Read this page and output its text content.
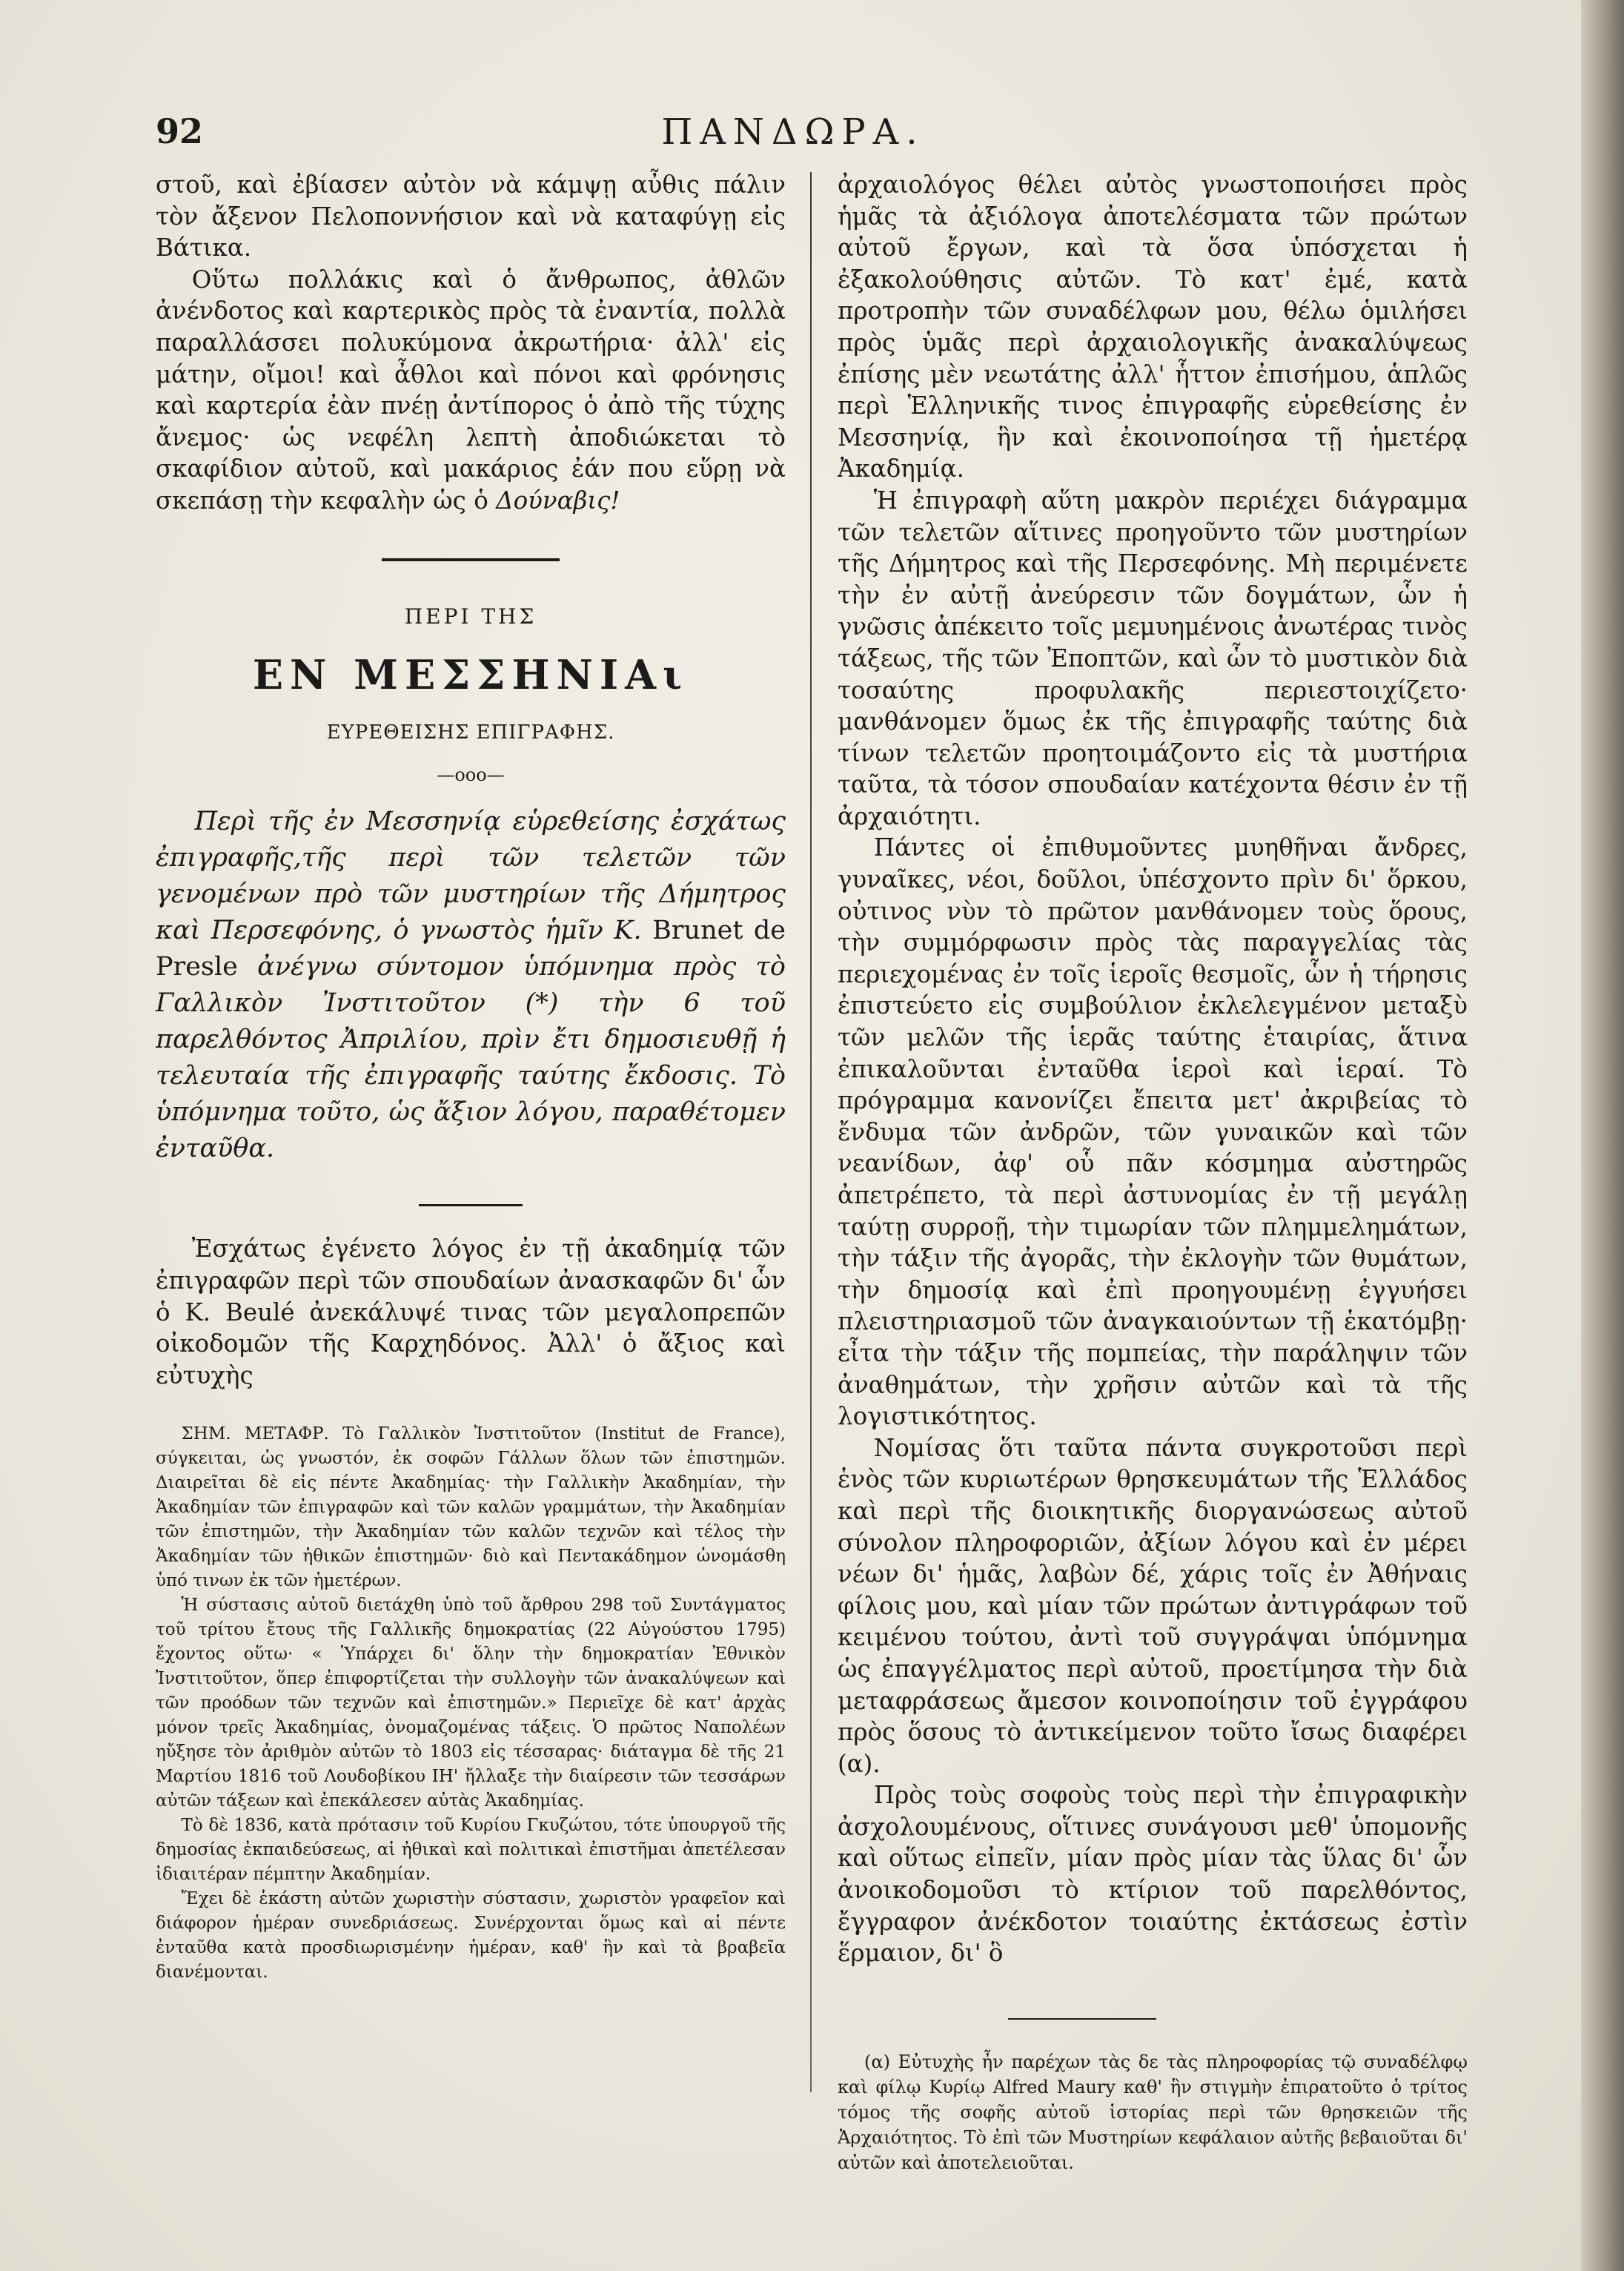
92	ΠΑΝΔΩΡΑ.

στοῦ, καὶ ἐβίασεν αὐτὸν νὰ κάμψῃ αὖθις πάλιν τὸν ἄξενον Πελοποννήσιον καὶ νὰ καταφύγῃ εἰς Βάτικα.

Οὕτω πολλάκις καὶ ὁ ἄνθρωπος, ἀθλῶν ἀνένδοτος καὶ καρτερικὸς πρὸς τὰ ἐναντία, πολλὰ παραλλάσσει πολυκύμονα ἀκρωτήρια· ἀλλ' εἰς μάτην, οἴμοι! καὶ ἆθλοι καὶ πόνοι καὶ φρόνησις καὶ καρτερία ἐὰν πνέῃ ἀντίπορος ὁ ἀπὸ τῆς τύχης ἄνεμος· ὡς νεφέλη λεπτὴ ἀποδιώκεται τὸ σκαφίδιον αὐτοῦ, καὶ μακάριος ἐάν που εὕρῃ νὰ σκεπάσῃ τὴν κεφαλὴν ὡς ὁ Δούναβις!

ΠΕΡΙ ΤΗΣ
ΕΝ ΜΕΣΣΗΝΙΑι
ΕΥΡΕΘΕΙΣΗΣ ΕΠΙΓΡΑΦΗΣ.
—οοο—

Περὶ τῆς ἐν Μεσσηνίᾳ εὑρεθείσης ἐσχάτως ἐπιγραφῆς,τῆς περὶ τῶν τελετῶν τῶν γενομένων πρὸ τῶν μυστηρίων τῆς Δήμητρος καὶ Περσεφόνης, ὁ γνωστὸς ἡμῖν Κ. Brunet de Presle ἀνέγνω σύντομον ὑπόμνημα πρὸς τὸ Γαλλικὸν Ἰνστιτοῦτον (*) τὴν 6 τοῦ παρελθόντος Ἀπριλίου, πρὶν ἔτι δημοσιευθῇ ἡ τελευταία τῆς ἐπιγραφῆς ταύτης ἔκδοσις. Τὸ ὑπόμνημα τοῦτο, ὡς ἄξιον λόγου, παραθέτομεν ἐνταῦθα.

Ἐσχάτως ἐγένετο λόγος ἐν τῇ ἀκαδημίᾳ τῶν ἐπιγραφῶν περὶ τῶν σπουδαίων ἀνασκαφῶν δι' ὧν ὁ Κ. Beulé ἀνεκάλυψέ τινας τῶν μεγαλοπρεπῶν οἰκοδομῶν τῆς Καρχηδόνος. Ἀλλ' ὁ ἄξιος καὶ εὐτυχὴς

ΣΗΜ. ΜΕΤΑΦΡ. Τὸ Γαλλικὸν Ἰνστιτοῦτον (Institut de France), σύγκειται, ὡς γνωστόν, ἐκ σοφῶν Γάλλων ὅλων τῶν ἐπιστημῶν. Διαιρεῖται δὲ εἰς πέντε Ἀκαδημίας· τὴν Γαλλικὴν Ἀκαδημίαν, τὴν Ἀκαδημίαν τῶν ἐπιγραφῶν καὶ τῶν καλῶν γραμμάτων, τὴν Ἀκαδημίαν τῶν ἐπιστημῶν, τὴν Ἀκαδημίαν τῶν καλῶν τεχνῶν καὶ τέλος τὴν Ἀκαδημίαν τῶν ἠθικῶν ἐπιστημῶν· διὸ καὶ Πεντακάδημον ὠνομάσθη ὑπό τινων ἐκ τῶν ἡμετέρων.

Ἡ σύστασις αὐτοῦ διετάχθη ὑπὸ τοῦ ἄρθρου 298 τοῦ Συντάγματος τοῦ τρίτου ἔτους τῆς Γαλλικῆς δημοκρατίας (22 Αὐγούστου 1795) ἔχοντος οὕτω· « Ὑπάρχει δι' ὅλην τὴν δημοκρατίαν Ἐθνικὸν Ἰνστιτοῦτον, ὅπερ ἐπιφορτίζεται τὴν συλλογὴν τῶν ἀνακαλύψεων καὶ τῶν προόδων τῶν τεχνῶν καὶ ἐπιστημῶν.» Περιεῖχε δὲ κατ' ἀρχὰς μόνον τρεῖς Ἀκαδημίας, ὀνομαζομένας τάξεις. Ὁ πρῶτος Ναπολέων ηὔξησε τὸν ἀριθμὸν αὐτῶν τὸ 1803 εἰς τέσσαρας· διάταγμα δὲ τῆς 21 Μαρτίου 1816 τοῦ Λουδοβίκου ΙΗ' ἤλλαξε τὴν διαίρεσιν τῶν τεσσάρων αὐτῶν τάξεων καὶ ἐπεκάλεσεν αὐτὰς Ἀκαδημίας.

Τὸ δὲ 1836, κατὰ πρότασιν τοῦ Κυρίου Γκυζώτου, τότε ὑπουργοῦ τῆς δημοσίας ἐκπαιδεύσεως, αἱ ἠθικαὶ καὶ πολιτικαὶ ἐπιστῆμαι ἀπετέλεσαν ἰδιαιτέραν πέμπτην Ἀκαδημίαν.

Ἔχει δὲ ἑκάστη αὐτῶν χωριστὴν σύστασιν, χωριστὸν γραφεῖον καὶ διάφορον ἡμέραν συνεδριάσεως. Συνέρχονται ὅμως καὶ αἱ πέντε ἐνταῦθα κατὰ προσδιωρισμένην ἡμέραν, καθ' ἣν καὶ τὰ βραβεῖα διανέμονται.

ἀρχαιολόγος θέλει αὐτὸς γνωστοποιήσει πρὸς ἡμᾶς τὰ ἀξιόλογα ἀποτελέσματα τῶν πρώτων αὐτοῦ ἔργων, καὶ τὰ ὅσα ὑπόσχεται ἡ ἐξακολούθησις αὐτῶν. Τὸ κατ' ἐμέ, κατὰ προτροπὴν τῶν συναδέλφων μου, θέλω ὁμιλήσει πρὸς ὑμᾶς περὶ ἀρχαιολογικῆς ἀνακαλύψεως ἐπίσης μὲν νεωτάτης ἀλλ' ἧττον ἐπισήμου, ἁπλῶς περὶ Ἑλληνικῆς τινος ἐπιγραφῆς εὑρεθείσης ἐν Μεσσηνίᾳ, ἣν καὶ ἐκοινοποίησα τῇ ἡμετέρᾳ Ἀκαδημίᾳ.

Ἡ ἐπιγραφὴ αὕτη μακρὸν περιέχει διάγραμμα τῶν τελετῶν αἵτινες προηγοῦντο τῶν μυστηρίων τῆς Δήμητρος καὶ τῆς Περσεφόνης. Μὴ περιμένετε τὴν ἐν αὐτῇ ἀνεύρεσιν τῶν δογμάτων, ὧν ἡ γνῶσις ἀπέκειτο τοῖς μεμυημένοις ἀνωτέρας τινὸς τάξεως, τῆς τῶν Ἐποπτῶν, καὶ ὧν τὸ μυστικὸν διὰ τοσαύτης προφυλακῆς περιεστοιχίζετο· μανθάνομεν ὅμως ἐκ τῆς ἐπιγραφῆς ταύτης διὰ τίνων τελετῶν προητοιμάζοντο εἰς τὰ μυστήρια ταῦτα, τὰ τόσον σπουδαίαν κατέχοντα θέσιν ἐν τῇ ἀρχαιότητι.

Πάντες οἱ ἐπιθυμοῦντες μυηθῆναι ἄνδρες, γυναῖκες, νέοι, δοῦλοι, ὑπέσχοντο πρὶν δι' ὅρκου, οὐτινος νὺν τὸ πρῶτον μανθάνομεν τοὺς ὅρους, τὴν συμμόρφωσιν πρὸς τὰς παραγγελίας τὰς περιεχομένας ἐν τοῖς ἱεροῖς θεσμοῖς, ὧν ἡ τήρησις ἐπιστεύετο εἰς συμβούλιον ἐκλελεγμένον μεταξὺ τῶν μελῶν τῆς ἱερᾶς ταύτης ἑταιρίας, ἅτινα ἐπικαλοῦνται ἐνταῦθα ἱεροὶ καὶ ἱεραί. Τὸ πρόγραμμα κανονίζει ἔπειτα μετ' ἀκριβείας τὸ ἔνδυμα τῶν ἀνδρῶν, τῶν γυναικῶν καὶ τῶν νεανίδων, ἀφ' οὗ πᾶν κόσμημα αὐστηρῶς ἀπετρέπετο, τὰ περὶ ἀστυνομίας ἐν τῇ μεγάλῃ ταύτῃ συρροῇ, τὴν τιμωρίαν τῶν πλημμελημάτων, τὴν τάξιν τῆς ἀγορᾶς, τὴν ἐκλογὴν τῶν θυμάτων, τὴν δημοσίᾳ καὶ ἐπὶ προηγουμένῃ ἐγγυήσει πλειστηριασμοῦ τῶν ἀναγκαιούντων τῇ ἑκατόμβῃ· εἶτα τὴν τάξιν τῆς πομπείας, τὴν παράληψιν τῶν ἀναθημάτων, τὴν χρῆσιν αὐτῶν καὶ τὰ τῆς λογιστικότητος.

Νομίσας ὅτι ταῦτα πάντα συγκροτοῦσι περὶ ἑνὸς τῶν κυριωτέρων θρησκευμάτων τῆς Ἑλλάδος καὶ περὶ τῆς διοικητικῆς διοργανώσεως αὐτοῦ σύνολον πληροφοριῶν, ἀξίων λόγου καὶ ἐν μέρει νέων δι' ἡμᾶς, λαβὼν δέ, χάρις τοῖς ἐν Ἀθήναις φίλοις μου, καὶ μίαν τῶν πρώτων ἀντιγράφων τοῦ κειμένου τούτου, ἀντὶ τοῦ συγγράψαι ὑπόμνημα ὡς ἐπαγγέλματος περὶ αὐτοῦ, προετίμησα τὴν διὰ μεταφράσεως ἄμεσον κοινοποίησιν τοῦ ἐγγράφου πρὸς ὅσους τὸ ἀντικείμενον τοῦτο ἴσως διαφέρει (α).

Πρὸς τοὺς σοφοὺς τοὺς περὶ τὴν ἐπιγραφικὴν ἀσχολουμένους, οἵτινες συνάγουσι μεθ' ὑπομονῆς καὶ οὕτως εἰπεῖν, μίαν πρὸς μίαν τὰς ὕλας δι' ὧν ἀνοικοδομοῦσι τὸ κτίριον τοῦ παρελθόντος, ἔγγραφον ἀνέκδοτον τοιαύτης ἐκτάσεως ἐστὶν ἕρμαιον, δι' ὃ

(α) Εὐτυχὴς ἦν παρέχων τὰς δε τὰς πληροφορίας τῷ συναδέλφῳ καὶ φίλῳ Κυρίῳ Alfred Maury καθ' ἣν στιγμὴν ἐπιρατοῦτο ὁ τρίτος τόμος τῆς σοφῆς αὐτοῦ ἱστορίας περὶ τῶν θρησκειῶν τῆς Ἀρχαιότητος. Τὸ ἐπὶ τῶν Μυστηρίων κεφάλαιον αὐτῆς βεβαιοῦται δι' αὐτῶν καὶ ἀποτελειοῦται.
